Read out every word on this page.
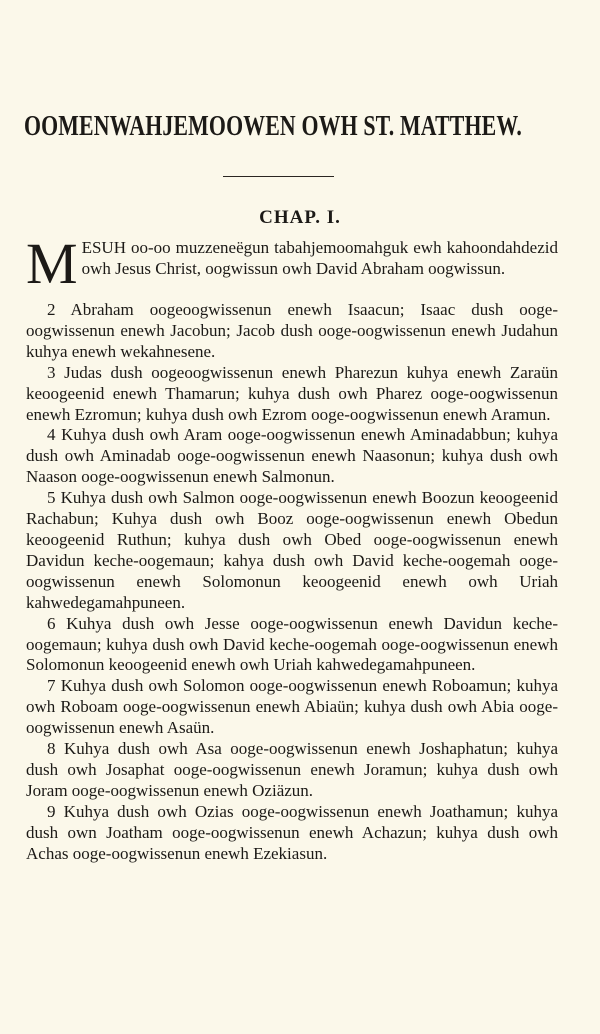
OOMENWAHJEMOOWEN OWH ST. MATTHEW.
CHAP. I.

MESUH oo-oo muzzeneëgun tabahjemoomahguk ewh kahoondahdezid owh Jesus Christ, oogwissun owh David Abraham oogwissun.

2 Abraham oogeoogwissenun enewh Isaacun; Isaac dush ooge-oogwissenun enewh Jacobun; Jacob dush ooge-oogwissenun enewh Judahun kuhya enewh wekahnesene.

3 Judas dush oogeoogwissenun enewh Pharezun kuhya enewh Zaraün keoogeenid enewh Thamarun; kuhya dush owh Pharez ooge-oogwissenun enewh Ezromun; kuhya dush owh Ezrom ooge-oogwissenun enewh Aramun.

4 Kuhya dush owh Aram ooge-oogwissenun enewh Aminadabbun; kuhya dush owh Aminadab ooge-oogwissenun enewh Naasonun; kuhya dush owh Naason ooge-oogwissenun enewh Salmonun.

5 Kuhya dush owh Salmon ooge-oogwissenun enewh Boozun keoogeenid Rachabun; Kuhya dush owh Booz ooge-oogwissenun enewh Obedun keoogeenid Ruthun; kuhya dush owh Obed ooge-oogwissenun enewh Davidun keche-oogemaun; kahya dush owh David keche-oogemah ooge-oogwissenun enewh Solomonun keoogeenid enewh owh Uriah kahwedegamahpuneen.

6 Kuhya dush owh Jesse ooge-oogwissenun enewh Davidun keche-oogemaun; kuhya dush owh David keche-oogemah ooge-oogwissenun enewh Solomonun keoogeenid enewh owh Uriah kahwedegamahpuneen.

7 Kuhya dush owh Solomon ooge-oogwissenun enewh Roboamun; kuhya owh Roboam ooge-oogwissenun enewh Abiaün; kuhya dush owh Abia ooge-oogwissenun enewh Asaün.

8 Kuhya dush owh Asa ooge-oogwissenun enewh Joshaphatun; kuhya dush owh Josaphat ooge-oogwissenun enewh Joramun; kuhya dush owh Joram ooge-oogwissenun enewh Oziäzun.

9 Kuhya dush owh Ozias ooge-oogwissenun enewh Joathamun; kuhya dush own Joatham ooge-oogwissenun enewh Achazun; kuhya dush owh Achas ooge-oogwissenun enewh Ezekiasun.
